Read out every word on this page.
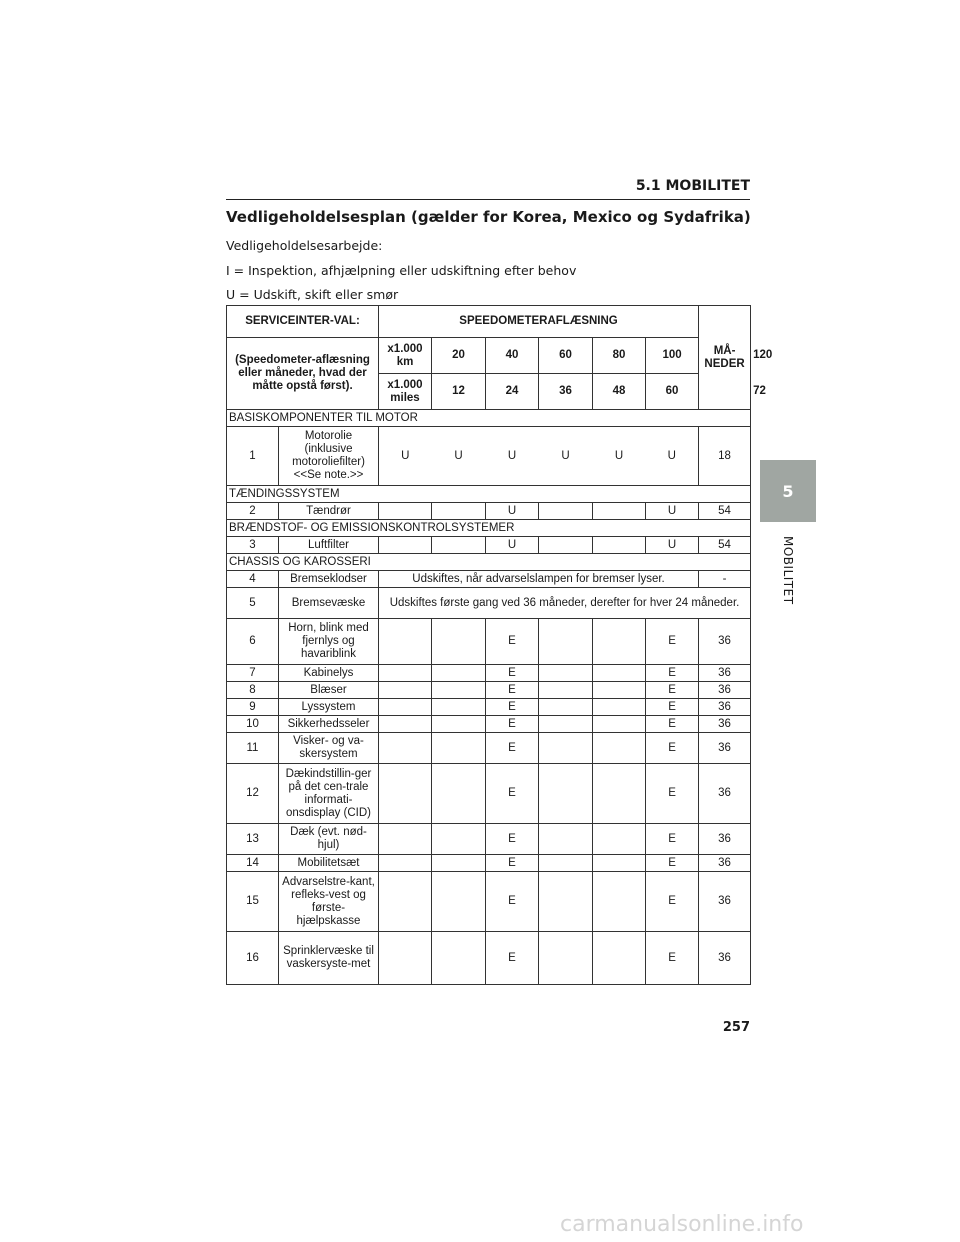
5.1 MOBILITET
Vedligeholdelsesplan (gælder for Korea, Mexico og Sydafrika)
Vedligeholdelsesarbejde:
I = Inspektion, afhjælpning eller udskiftning efter behov
U = Udskift, skift eller smør
SERVICEINTER-VAL:		SPEEDOMETERAFLÆSNING						MÅ-NEDER	
(Speedometer-aflæsning eller måneder, hvad der måtte opstå først).		x1.000 km	20	40	60	80	100		120
		x1.000 miles	12	24	36	48	60		72
BASISKOMPONENTER TIL MOTOR									
1	Motorolie (inklusive motoroliefilter) <<Se note.>>	U	U	U	U	U	U	18	
TÆNDINGSSYSTEM									
2	Tændrør			U			U	54	
BRÆNDSTOF- OG EMISSIONSKONTROLSYSTEMER									
3	Luftfilter			U			U	54	
CHASSIS OG KAROSSERI									
4	Bremseklodser	Udskiftes, når advarselslampen for bremser lyser.						-	
5	Bremsevæske	Udskiftes første gang ved 36 måneder, derefter for hver 24 måneder.							
6	Horn, blink med fjernlys og havariblink			E			E	36	
7	Kabinelys			E			E	36	
8	Blæser			E			E	36	
9	Lyssystem			E			E	36	
10	Sikkerhedsseler			E			E	36	
11	Visker- og va-skersystem			E			E	36	
12	Dækindstillin-ger på det cen-trale informati-onsdisplay (CID)			E			E	36	
13	Dæk (evt. nød-hjul)			E			E	36	
14	Mobilitetsæt			E			E	36	
15	Advarselstre-kant, refleks-vest og første-hjælpskasse			E			E	36	
16	Sprinklervæske til vaskersyste-met			E			E	36	
5
MOBILITET
257
carmanualsonline.info
